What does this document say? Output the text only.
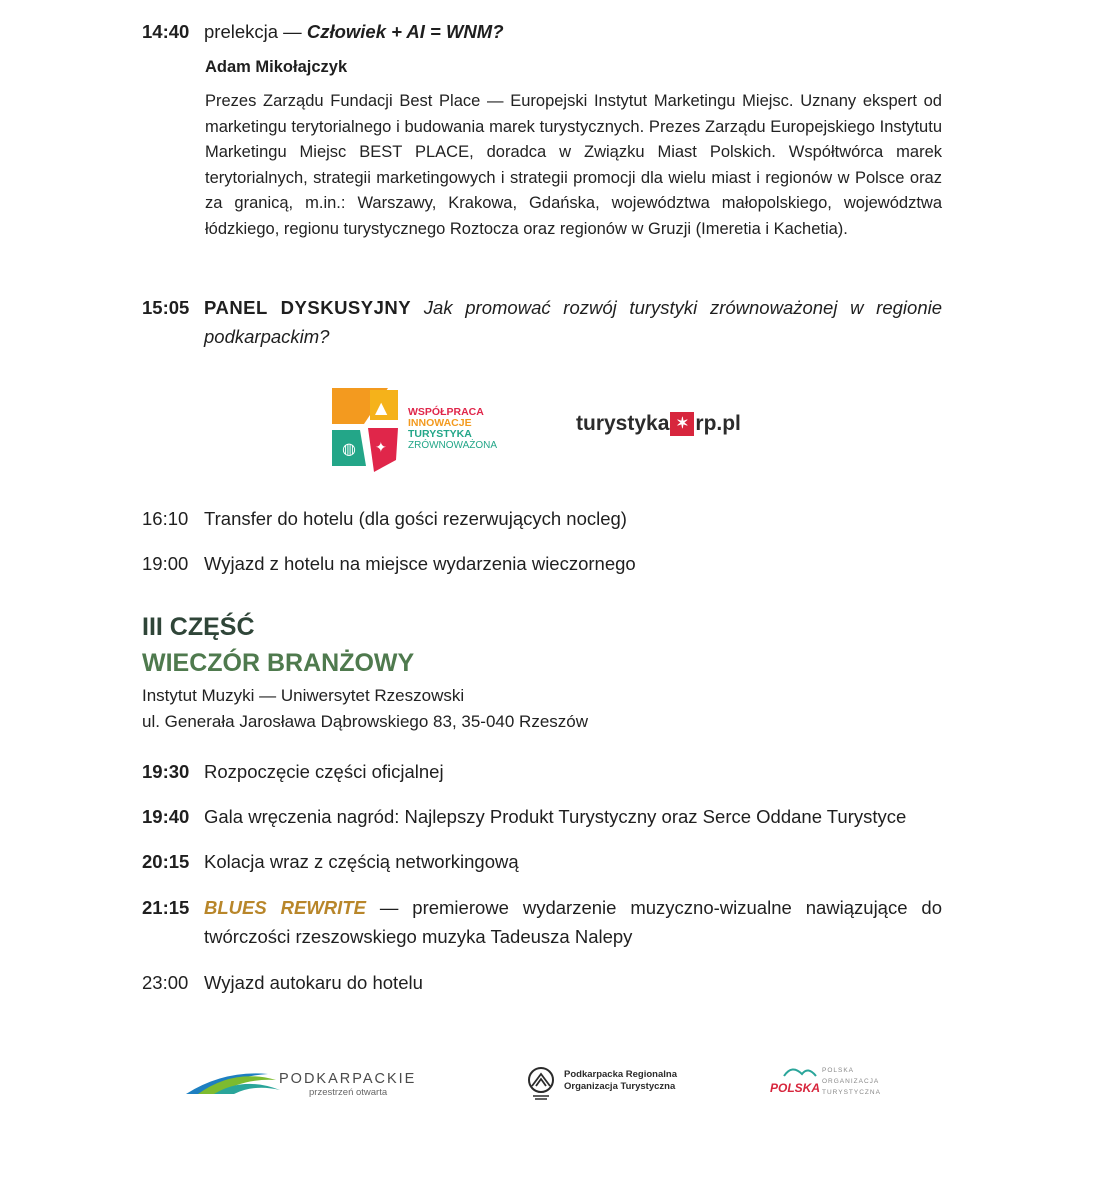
14:40 prelekcja — Człowiek + AI = WNM?
Adam Mikołajczyk
Prezes Zarządu Fundacji Best Place — Europejski Instytut Marketingu Miejsc. Uznany ekspert od marketingu terytorialnego i budowania marek turystycznych. Prezes Zarządu Europejskiego Instytutu Marketingu Miejsc BEST PLACE, doradca w Związku Miast Polskich. Współtwórca marek terytorialnych, strategii marketingowych i strategii promocji dla wielu miast i regionów w Polsce oraz za granicą, m.in.: Warszawy, Krakowa, Gdańska, województwa małopolskiego, województwa łódzkiego, regionu turystycznego Roztocza oraz regionów w Gruzji (Imeretia i Kachetia).
15:05 PANEL DYSKUSYJNY Jak promować rozwój turystyki zrównoważonej w regionie podkarpackim?
▲
◍ ✦
WSPÓŁPRACA
INNOWACJE
TURYSTYKA
ZRÓWNOWAŻONA
turystyka ✶ rp.pl
16:10 Transfer do hotelu (dla gości rezerwujących nocleg)
19:00 Wyjazd z hotelu na miejsce wydarzenia wieczornego
III CZĘŚĆ
WIECZÓR BRANŻOWY
Instytut Muzyki — Uniwersytet Rzeszowski
ul. Generała Jarosława Dąbrowskiego 83, 35-040 Rzeszów
19:30 Rozpoczęcie części oficjalnej
19:40 Gala wręczenia nagród: Najlepszy Produkt Turystyczny oraz Serce Oddane Turystyce
20:15 Kolacja wraz z częścią networkingową
21:15 BLUES REWRITE — premierowe wydarzenie muzyczno-wizualne nawiązujące do twórczości rzeszowskiego muzyka Tadeusza Nalepy
23:00 Wyjazd autokaru do hotelu
PODKARPACKIE
przestrzeń otwarta
Podkarpacka Regionalna
Organizacja Turystyczna	POLSKA
POLSKA
ORGANIZACJA
TURYSTYCZNA
